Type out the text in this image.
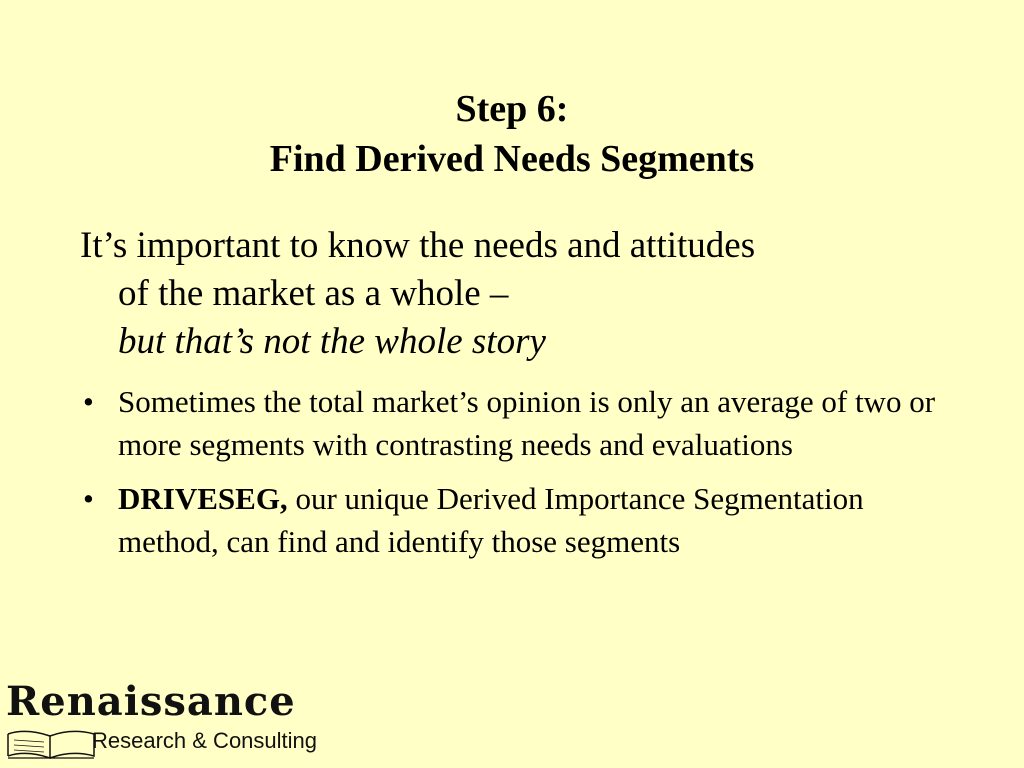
Step 6:
Find Derived Needs Segments

It’s important to know the needs and attitudes
of the market as a whole –
but that’s not the whole story

• Sometimes the total market’s opinion is only an average of two or more segments with contrasting needs and evaluations
• DRIVESEG, our unique Derived Importance Segmentation method, can find and identify those segments
Renaissance
Research & Consulting
